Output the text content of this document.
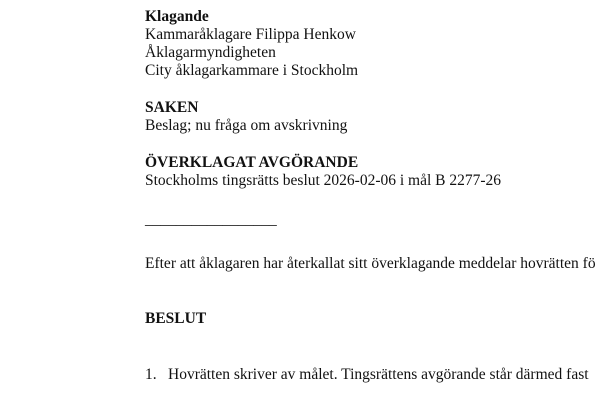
Klagande
Kammaråklagare Filippa Henkow
Åklagarmyndigheten
City åklagarkammare i Stockholm
SAKEN
Beslag; nu fråga om avskrivning
ÖVERKLAGAT AVGÖRANDE
Stockholms tingsrätts beslut 2026-02-06 i mål B 2277-26
_________________
Efter att åklagaren har återkallat sitt överklagande meddelar hovrätten fö
BESLUT
1. Hovrätten skriver av målet. Tingsrättens avgörande står därmed fast
